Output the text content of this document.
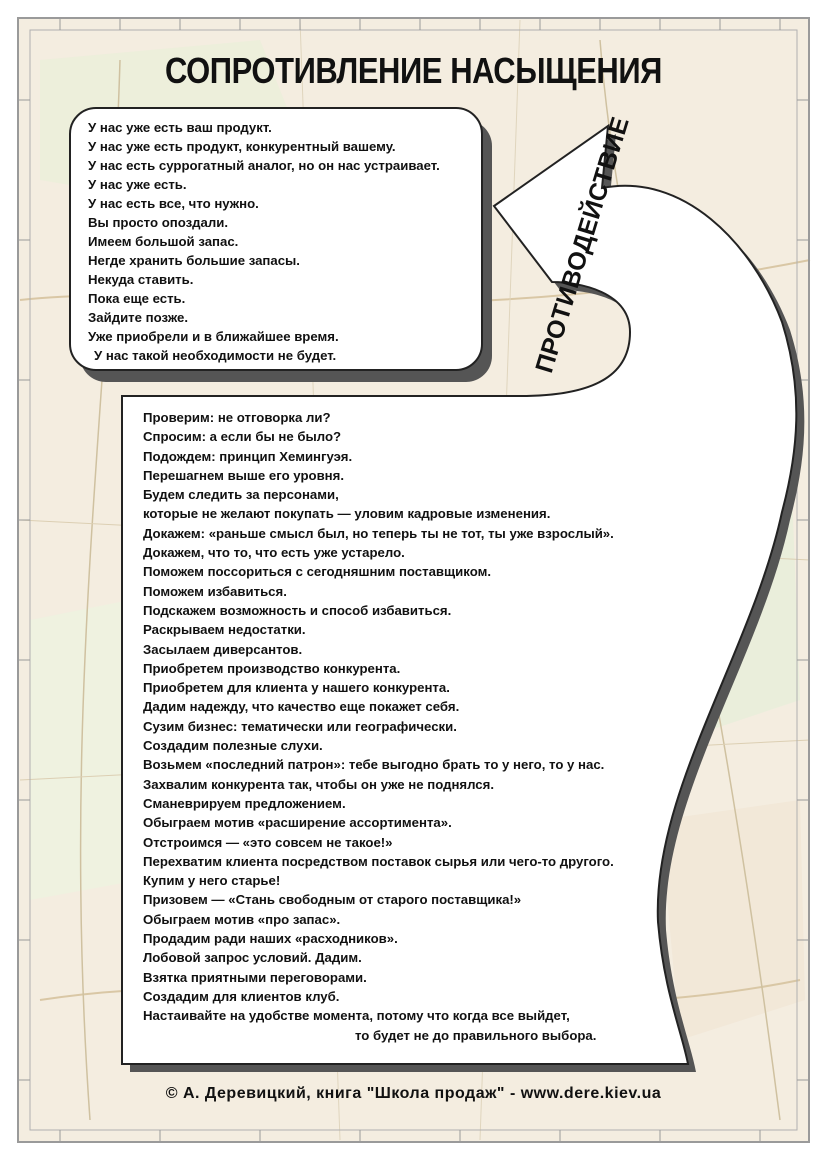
СОПРОТИВЛЕНИЕ НАСЫЩЕНИЯ
ПРОТИВОДЕЙСТВИЕ
У нас уже есть ваш продукт.
У нас уже есть продукт, конкурентный вашему.
У нас есть суррогатный аналог, но он нас устраивает.
У нас уже есть.
У нас есть все, что нужно.
Вы просто опоздали.
Имеем большой запас.
Негде хранить большие запасы.
Некуда ставить.
Пока еще есть.
Зайдите позже.
Уже приобрели и в ближайшее время.
У нас такой необходимости не будет.
Проверим: не отговорка ли?
Спросим: а если бы не было?
Подождем: принцип Хемингуэя.
Перешагнем выше его уровня.
Будем следить за персонами,
которые не желают покупать — уловим кадровые изменения.
Докажем: «раньше смысл был, но теперь ты не тот, ты уже взрослый».
Докажем, что то, что есть уже устарело.
Поможем поссориться с сегодняшним поставщиком.
Поможем избавиться.
Подскажем возможность и способ избавиться.
Раскрываем недостатки.
Засылаем диверсантов.
Приобретем производство конкурента.
Приобретем для клиента у нашего конкурента.
Дадим надежду, что качество еще покажет себя.
Сузим бизнес: тематически или географически.
Создадим полезные слухи.
Возьмем «последний патрон»: тебе выгодно брать то у него, то у нас.
Захвалим конкурента так, чтобы он уже не поднялся.
Сманеврируем предложением.
Обыграем мотив «расширение ассортимента».
Отстроимся — «это совсем не такое!»
Перехватим клиента посредством поставок сырья или чего-то другого.
Купим у него старье!
Призовем — «Стань свободным от старого поставщика!»
Обыграем мотив «про запас».
Продадим ради наших «расходников».
Лобовой запрос условий. Дадим.
Взятка приятными переговорами.
Создадим для клиентов клуб.
Настаивайте на удобстве момента, потому что когда все выйдет,
то будет не до правильного выбора.
© А. Деревицкий, книга "Школа продаж" - www.dere.kiev.ua
